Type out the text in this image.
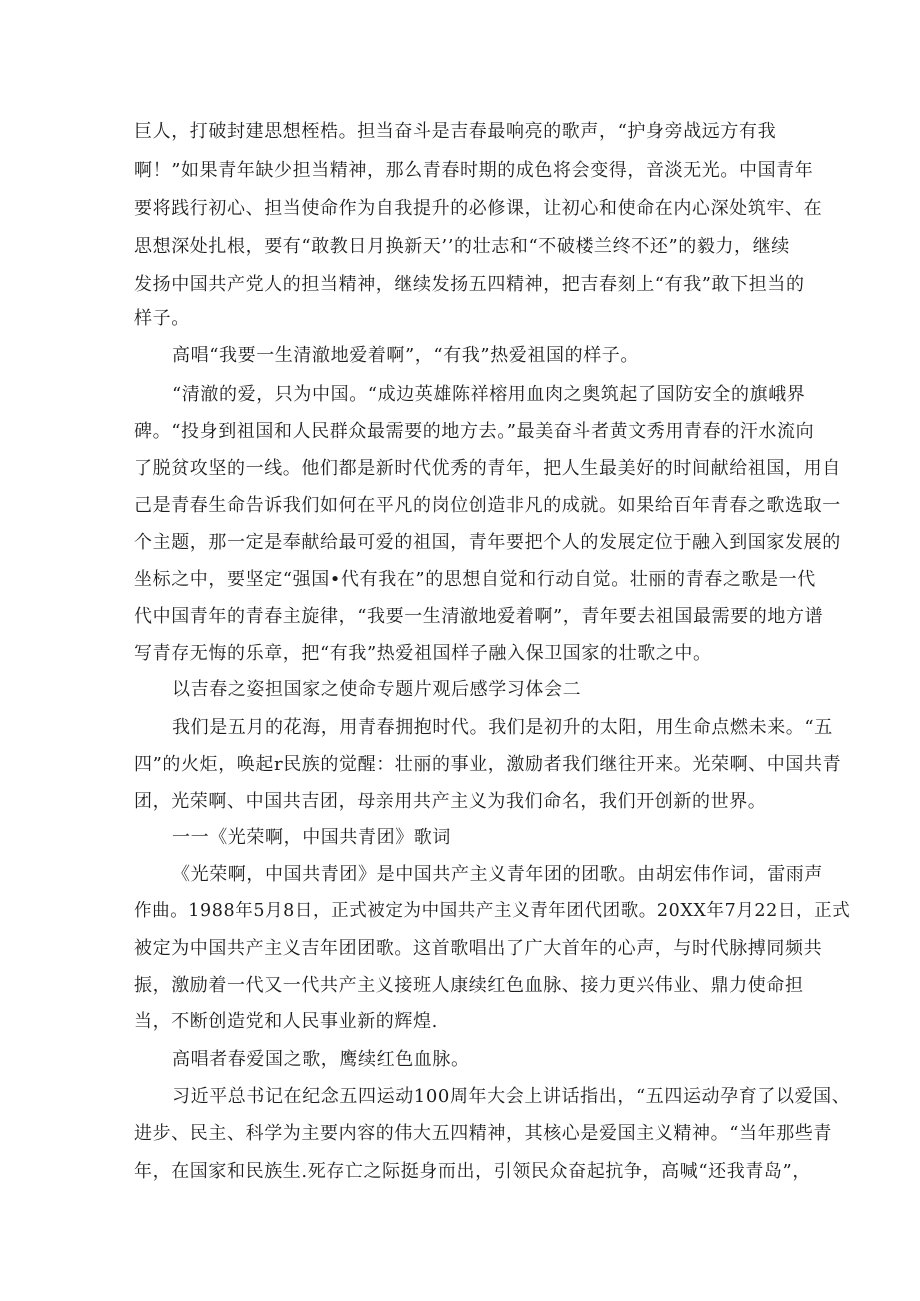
巨人，打破封建思想桎梏。担当奋斗是吉春最响亮的歌声，“护身旁战远方有我
啊！”如果青年缺少担当精神，那么青春时期的成色将会变得，音淡无光。中国青年
要将践行初心、担当使命作为自我提升的必修课，让初心和使命在内心深处筑牢、在
思想深处扎根，要有“敢教日月换新天’’的壮志和“不破楼兰终不还”的毅力，继续
发扬中国共产党人的担当精神，继续发扬五四精神，把吉春刻上“有我”敢下担当的
样子。
高唱“我要一生清澈地爱着啊”，“有我”热爱祖国的样子。
“清澈的爱，只为中国。“成边英雄陈祥榕用血肉之奥筑起了国防安全的旗峨界
碑。“投身到祖国和人民群众最需要的地方去。”最美奋斗者黄文秀用青春的汗水流向
了脱贫攻坚的一线。他们都是新时代优秀的青年，把人生最美好的时间献给祖国，用自
己是青春生命告诉我们如何在平凡的岗位创造非凡的成就。如果给百年青春之歌选取一
个主题，那一定是奉献给最可爱的祖国，青年要把个人的发展定位于融入到国家发展的
坐标之中，要坚定“强国•代有我在”的思想自觉和行动自觉。壮丽的青春之歌是一代
代中国青年的青春主旋律，“我要一生清澈地爱着啊”，青年要去祖国最需要的地方谱
写青存无悔的乐章，把“有我”热爱祖国样子融入保卫国家的壮歌之中。
以吉春之姿担国家之使命专题片观后感学习体会二
我们是五月的花海，用青春拥抱时代。我们是初升的太阳，用生命点燃未来。“五
四”的火炬，唤起r民族的觉醒：壮丽的事业，激励者我们继往开来。光荣啊、中国共青
团，光荣啊、中国共吉团，母亲用共产主义为我们命名，我们开创新的世界。
一一《光荣啊，中国共青团》歌词
《光荣啊，中国共青团》是中国共产主义青年团的团歌。由胡宏伟作词，雷雨声
作曲。1988年5月8日，正式被定为中国共产主义青年团代团歌。20XX年7月22日，正式
被定为中国共产主义吉年团团歌。这首歌唱出了广大首年的心声，与时代脉搏同频共
振，激励着一代又一代共产主义接班人康续红色血脉、接力更兴伟业、鼎力使命担
当，不断创造党和人民事业新的辉煌.
高唱者春爱国之歌，鹰续红色血脉。
习近平总书记在纪念五四运动100周年大会上讲话指出，“五四运动孕育了以爱国、
进步、民主、科学为主要内容的伟大五四精神，其核心是爱国主义精神。“当年那些青
年，在国家和民族生.死存亡之际挺身而出，引领民众奋起抗争，高喊“还我青岛”，
